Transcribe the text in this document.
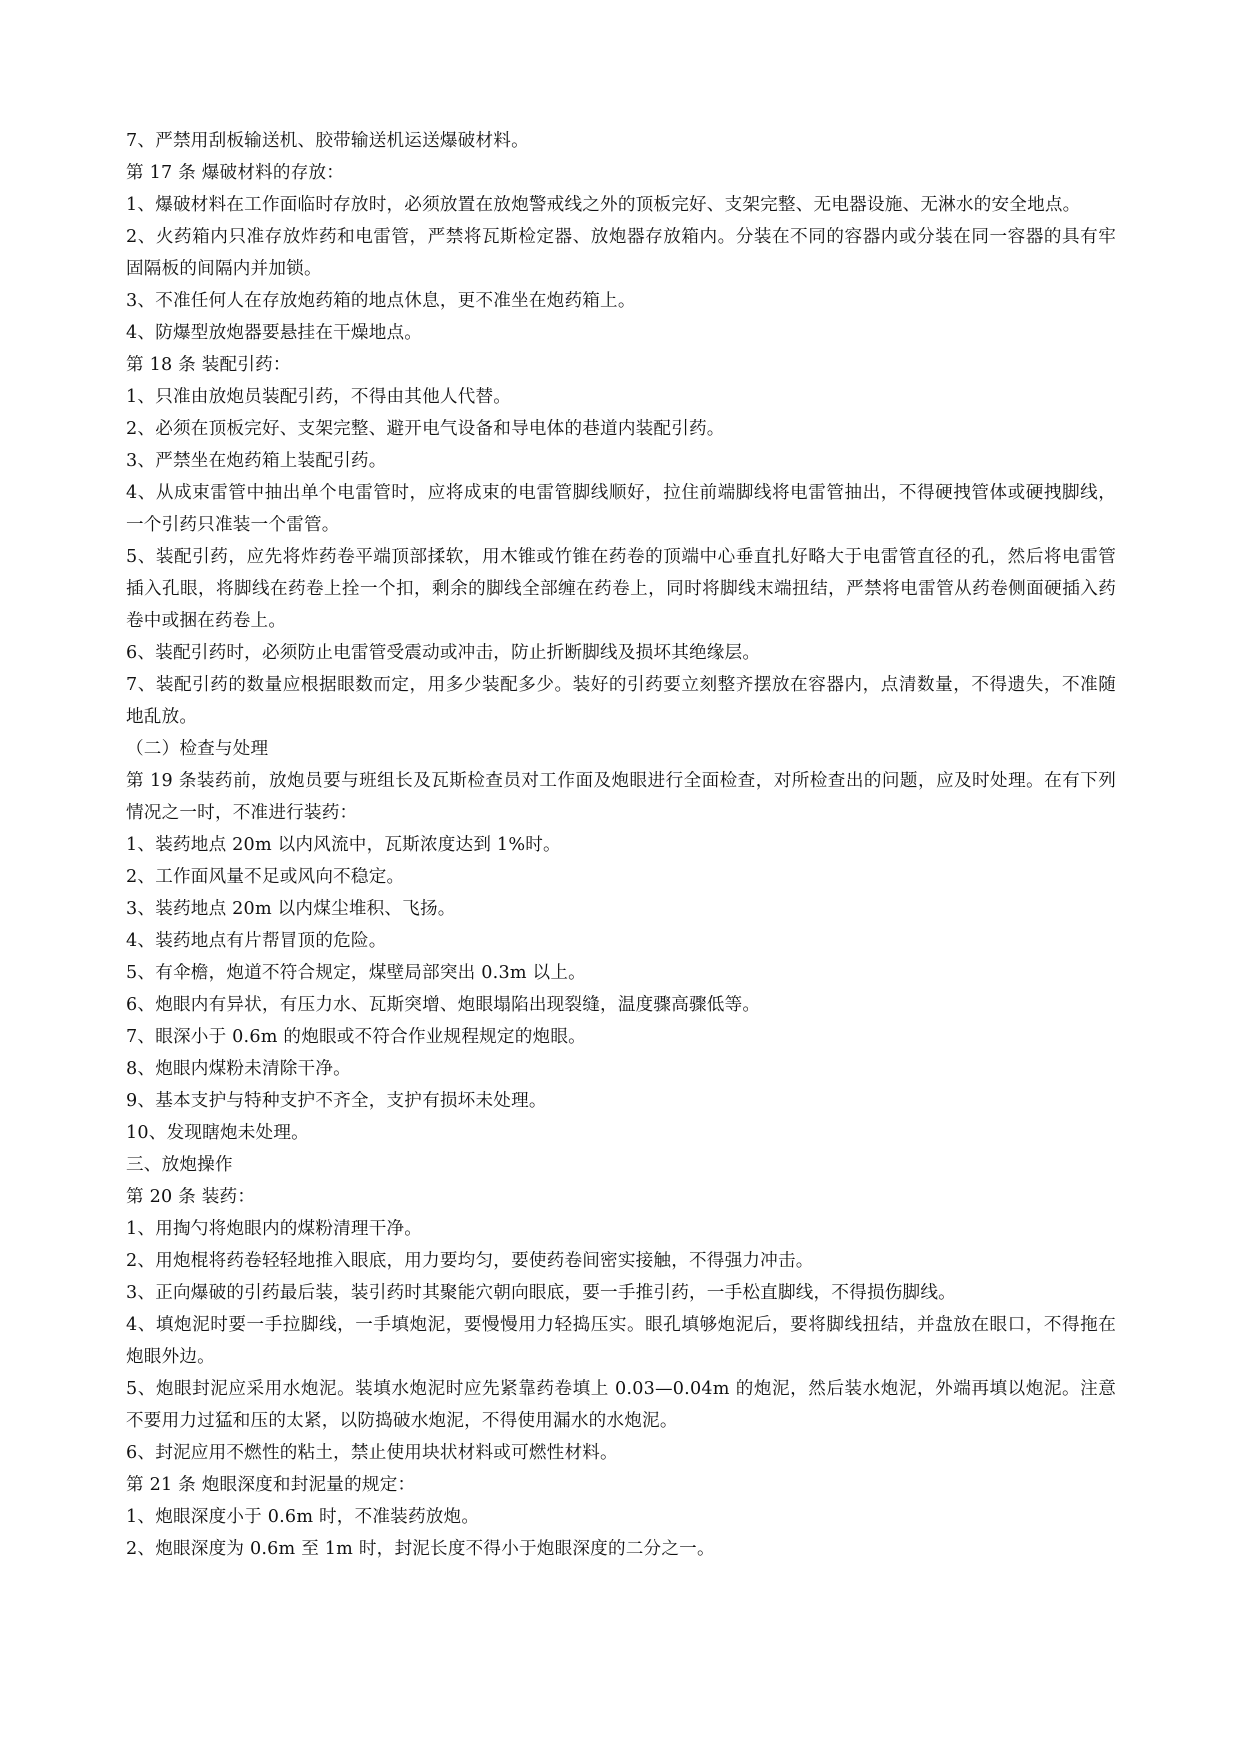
7、严禁用刮板输送机、胶带输送机运送爆破材料。

第 17 条 爆破材料的存放：

1、爆破材料在工作面临时存放时，必须放置在放炮警戒线之外的顶板完好、支架完整、无电器设施、无淋水的安全地点。

2、火药箱内只准存放炸药和电雷管，严禁将瓦斯检定器、放炮器存放箱内。分装在不同的容器内或分装在同一容器的具有牢固隔板的间隔内并加锁。

3、不准任何人在存放炮药箱的地点休息，更不准坐在炮药箱上。

4、防爆型放炮器要悬挂在干燥地点。

第 18 条 装配引药：

1、只准由放炮员装配引药，不得由其他人代替。

2、必须在顶板完好、支架完整、避开电气设备和导电体的巷道内装配引药。

3、严禁坐在炮药箱上装配引药。

4、从成束雷管中抽出单个电雷管时，应将成束的电雷管脚线顺好，拉住前端脚线将电雷管抽出，不得硬拽管体或硬拽脚线，一个引药只准装一个雷管。

5、装配引药，应先将炸药卷平端顶部揉软，用木锥或竹锥在药卷的顶端中心垂直扎好略大于电雷管直径的孔，然后将电雷管插入孔眼，将脚线在药卷上拴一个扣，剩余的脚线全部缠在药卷上，同时将脚线末端扭结，严禁将电雷管从药卷侧面硬插入药卷中或捆在药卷上。

6、装配引药时，必须防止电雷管受震动或冲击，防止折断脚线及损坏其绝缘层。

7、装配引药的数量应根据眼数而定，用多少装配多少。装好的引药要立刻整齐摆放在容器内，点清数量，不得遗失，不准随地乱放。

（二）检查与处理

第 19 条装药前，放炮员要与班组长及瓦斯检查员对工作面及炮眼进行全面检查，对所检查出的问题，应及时处理。在有下列情况之一时，不准进行装药：

1、装药地点 20m 以内风流中，瓦斯浓度达到 1%时。

2、工作面风量不足或风向不稳定。

3、装药地点 20m 以内煤尘堆积、飞扬。

4、装药地点有片帮冒顶的危险。

5、有伞檐，炮道不符合规定，煤壁局部突出 0.3m 以上。

6、炮眼内有异状，有压力水、瓦斯突增、炮眼塌陷出现裂缝，温度骤高骤低等。

7、眼深小于 0.6m 的炮眼或不符合作业规程规定的炮眼。

8、炮眼内煤粉未清除干净。

9、基本支护与特种支护不齐全，支护有损坏未处理。

10、发现瞎炮未处理。

三、放炮操作

第 20 条 装药：

1、用掏勺将炮眼内的煤粉清理干净。

2、用炮棍将药卷轻轻地推入眼底，用力要均匀，要使药卷间密实接触，不得强力冲击。

3、正向爆破的引药最后装，装引药时其聚能穴朝向眼底，要一手推引药，一手松直脚线，不得损伤脚线。

4、填炮泥时要一手拉脚线，一手填炮泥，要慢慢用力轻捣压实。眼孔填够炮泥后，要将脚线扭结，并盘放在眼口，不得拖在炮眼外边。

5、炮眼封泥应采用水炮泥。装填水炮泥时应先紧靠药卷填上 0.03—0.04m 的炮泥，然后装水炮泥，外端再填以炮泥。注意不要用力过猛和压的太紧，以防捣破水炮泥，不得使用漏水的水炮泥。

6、封泥应用不燃性的粘土，禁止使用块状材料或可燃性材料。

第 21 条 炮眼深度和封泥量的规定：

1、炮眼深度小于 0.6m 时，不准装药放炮。

2、炮眼深度为 0.6m 至 1m 时，封泥长度不得小于炮眼深度的二分之一。
